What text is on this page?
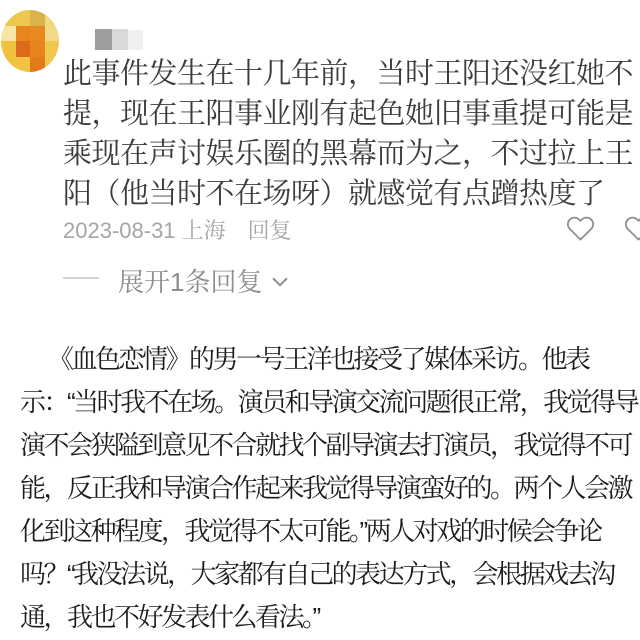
此事件发生在十几年前，当时王阳还没红她不
提，现在王阳事业刚有起色她旧事重提可能是
乘现在声讨娱乐圈的黑幕而为之，不过拉上王
阳（他当时不在场呀）就感觉有点蹭热度了
2023-08-31 上海 回复
展开1条回复
《血色恋情》的男一号王洋也接受了媒体采访。他表
示：“当时我不在场。演员和导演交流问题很正常，我觉得导
演不会狭隘到意见不合就找个副导演去打演员，我觉得不可
能，反正我和导演合作起来我觉得导演蛮好的。两个人会激
化到这种程度，我觉得不太可能。”两人对戏的时候会争论
吗？“我没法说，大家都有自己的表达方式，会根据戏去沟
通，我也不好发表什么看法。”
